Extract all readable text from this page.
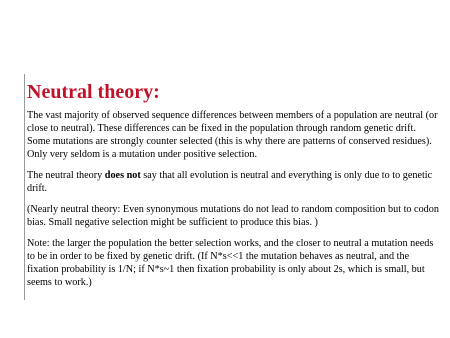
Neutral theory:

The vast majority of observed sequence differences between members of a population are neutral (or close to neutral). These differences can be fixed in the population through random genetic drift. Some mutations are strongly counter selected (this is why there are patterns of conserved residues). Only very seldom is a mutation under positive selection.

The neutral theory does not say that all evolution is neutral and everything is only due to to genetic drift.

(Nearly neutral theory: Even synonymous mutations do not lead to random composition but to codon bias. Small negative selection might be sufficient to produce this bias. )

Note: the larger the population the better selection works, and the closer to neutral a mutation needs to be in order to be fixed by genetic drift. (If N*s<<1 the mutation behaves as neutral, and the fixation probability is 1/N; if N*s~1 then fixation probability is only about 2s, which is small, but seems to work.)
